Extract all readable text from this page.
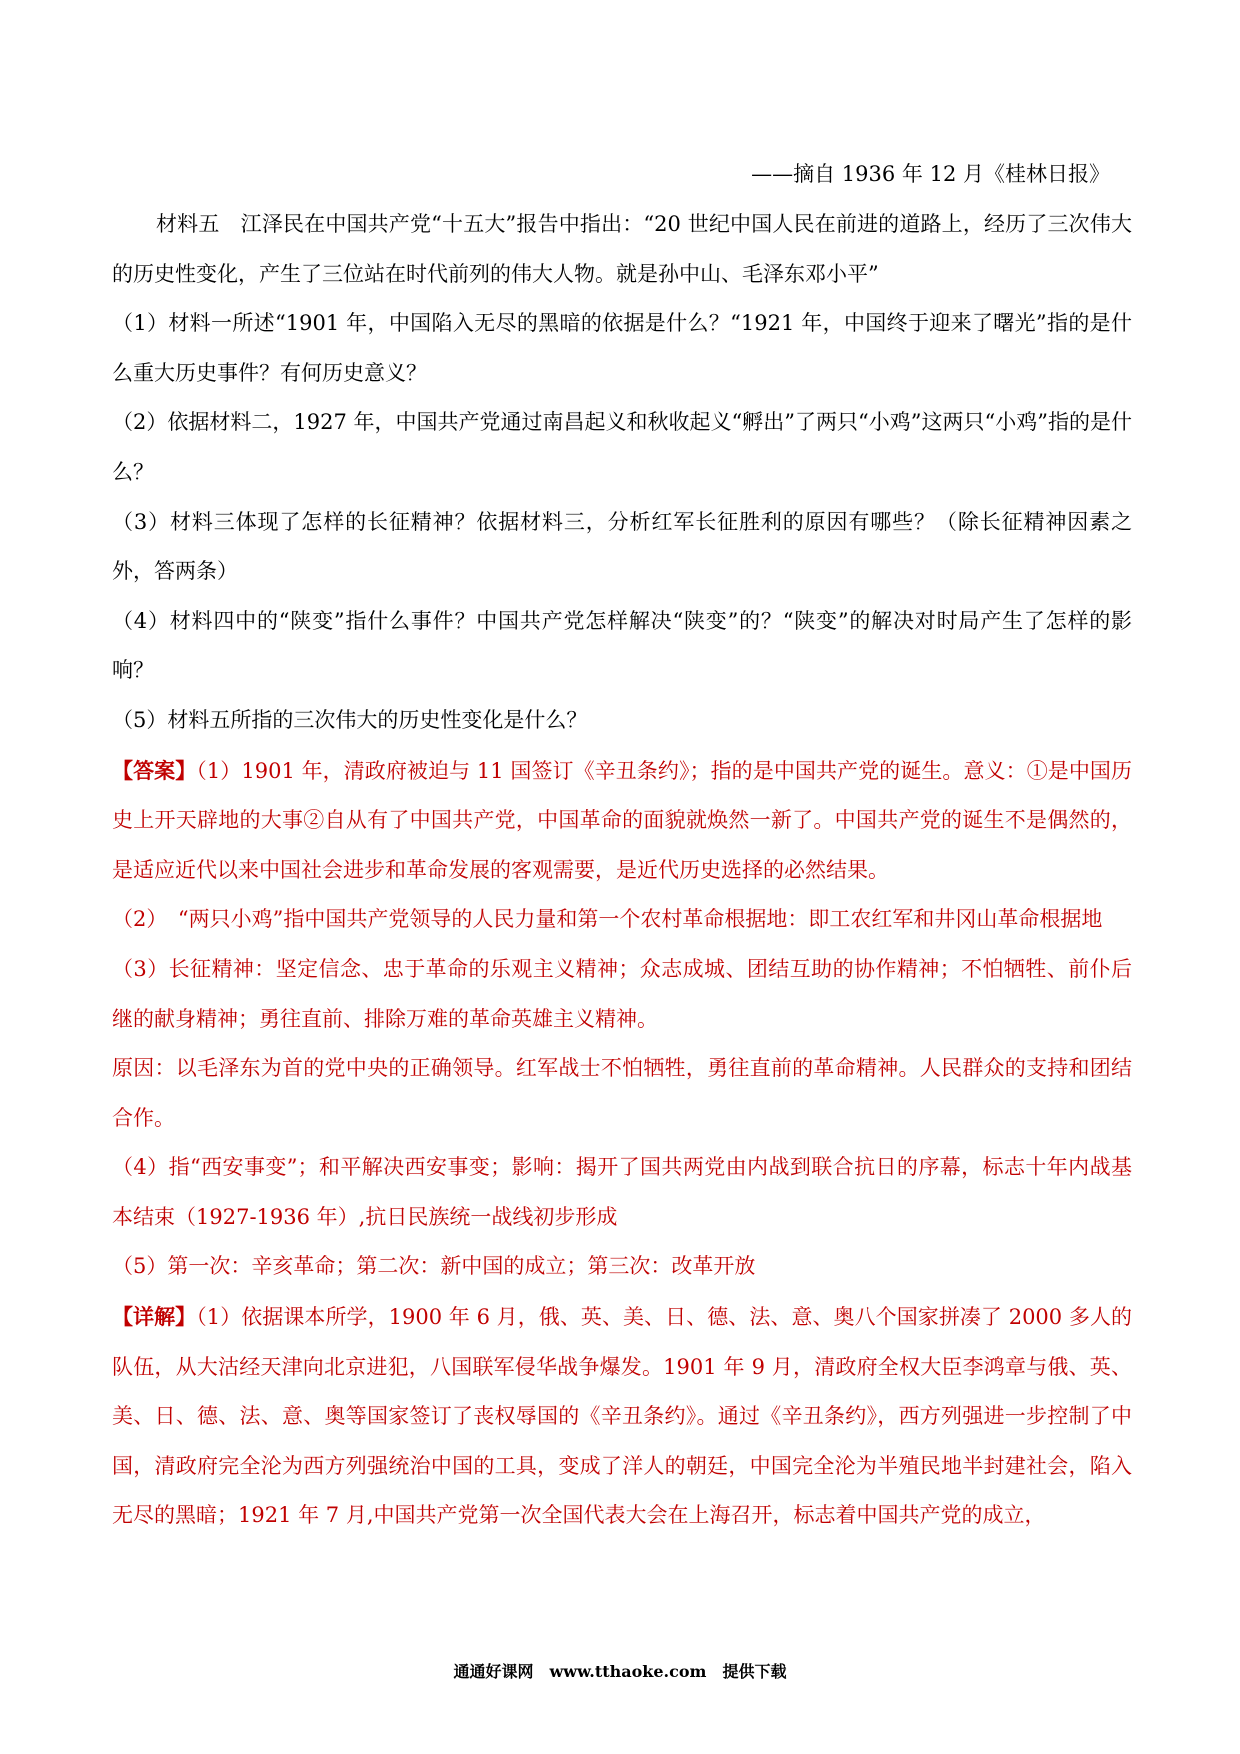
——摘自 1936 年 12 月《桂林日报》

材料五　江泽民在中国共产党“十五大”报告中指出：“20 世纪中国人民在前进的道路上，经历了三次伟大的历史性变化，产生了三位站在时代前列的伟大人物。就是孙中山、毛泽东邓小平”

（1）材料一所述“1901 年，中国陷入无尽的黑暗的依据是什么？“1921 年，中国终于迎来了曙光”指的是什么重大历史事件？有何历史意义？

（2）依据材料二，1927 年，中国共产党通过南昌起义和秋收起义“孵出”了两只“小鸡”这两只“小鸡”指的是什么？

（3）材料三体现了怎样的长征精神？依据材料三，分析红军长征胜利的原因有哪些？（除长征精神因素之外，答两条）

（4）材料四中的“陕变”指什么事件？中国共产党怎样解决“陕变”的？“陕变”的解决对时局产生了怎样的影响？

（5）材料五所指的三次伟大的历史性变化是什么？

【答案】（1）1901 年，清政府被迫与 11 国签订《辛丑条约》；指的是中国共产党的诞生。意义：①是中国历史上开天辟地的大事②自从有了中国共产党，中国革命的面貌就焕然一新了。中国共产党的诞生不是偶然的，是适应近代以来中国社会进步和革命发展的客观需要，是近代历史选择的必然结果。

（2）　“两只小鸡”指中国共产党领导的人民力量和第一个农村革命根据地：即工农红军和井冈山革命根据地

（3）长征精神：坚定信念、忠于革命的乐观主义精神；众志成城、团结互助的协作精神；不怕牺牲、前仆后继的献身精神；勇往直前、排除万难的革命英雄主义精神。

原因：以毛泽东为首的党中央的正确领导。红军战士不怕牺牲，勇往直前的革命精神。人民群众的支持和团结合作。

（4）指“西安事变”；和平解决西安事变；影响：揭开了国共两党由内战到联合抗日的序幕，标志十年内战基本结束（1927-1936 年）,抗日民族统一战线初步形成

（5）第一次：辛亥革命；第二次：新中国的成立；第三次：改革开放

【详解】（1）依据课本所学，1900 年 6 月，俄、英、美、日、德、法、意、奥八个国家拼凑了 2000 多人的队伍，从大沽经天津向北京进犯，八国联军侵华战争爆发。1901 年 9 月，清政府全权大臣李鸿章与俄、英、美、日、德、法、意、奥等国家签订了丧权辱国的《辛丑条约》。通过《辛丑条约》，西方列强进一步控制了中国，清政府完全沦为西方列强统治中国的工具，变成了洋人的朝廷，中国完全沦为半殖民地半封建社会，陷入无尽的黑暗；1921 年 7 月,中国共产党第一次全国代表大会在上海召开，标志着中国共产党的成立，

通通好课网　www.tthaoke.com　提供下载
